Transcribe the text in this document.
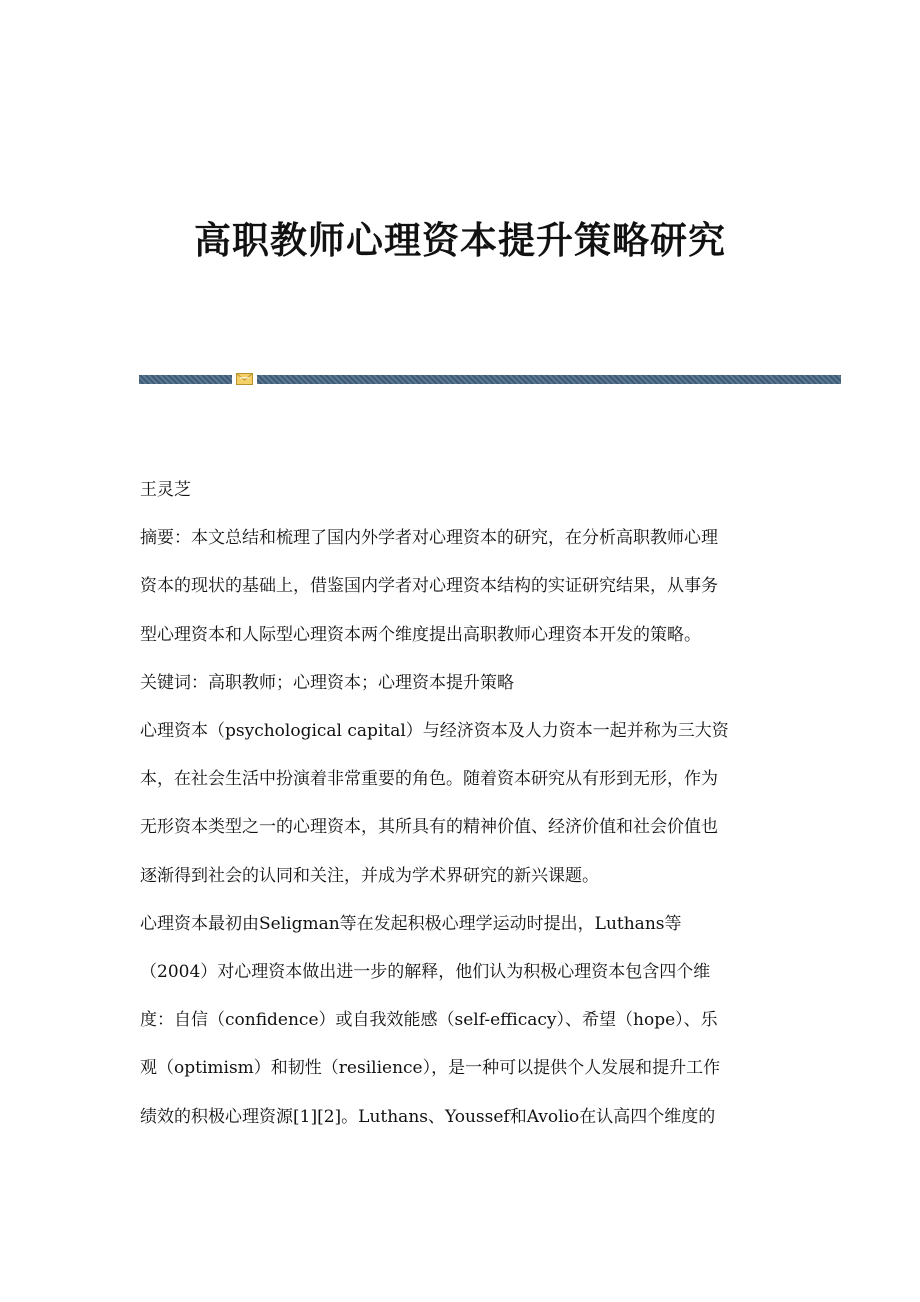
高职教师心理资本提升策略研究

王灵芝

摘要：本文总结和梳理了国内外学者对心理资本的研究，在分析高职教师心理

资本的现状的基础上，借鉴国内学者对心理资本结构的实证研究结果，从事务

型心理资本和人际型心理资本两个维度提出高职教师心理资本开发的策略。

关键词：高职教师；心理资本；心理资本提升策略

心理资本（psychological capital）与经济资本及人力资本一起并称为三大资

本，在社会生活中扮演着非常重要的角色。随着资本研究从有形到无形，作为

无形资本类型之一的心理资本，其所具有的精神价值、经济价值和社会价值也

逐渐得到社会的认同和关注，并成为学术界研究的新兴课题。

心理资本最初由Seligman等在发起积极心理学运动时提出，Luthans等

（2004）对心理资本做出进一步的解释，他们认为积极心理资本包含四个维

度：自信（confidence）或自我效能感（self-efficacy）、希望（hope）、乐

观（optimism）和韧性（resilience），是一种可以提供个人发展和提升工作

绩效的积极心理资源[1][2]。Luthans、Youssef和Avolio在认高四个维度的
